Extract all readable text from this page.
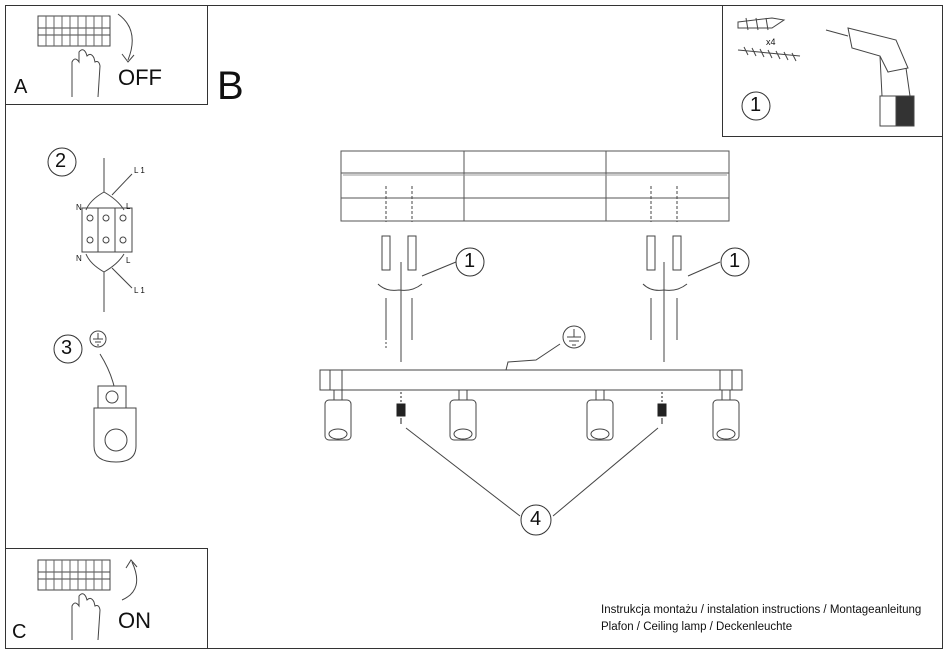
A	OFF B
C	ON
1
x4
2
N	L
N	L
L 1
L 1
3
1	1
4
Instrukcja montażu / instalation instructions / Montageanleitung
Plafon / Ceiling lamp / Deckenleuchte
